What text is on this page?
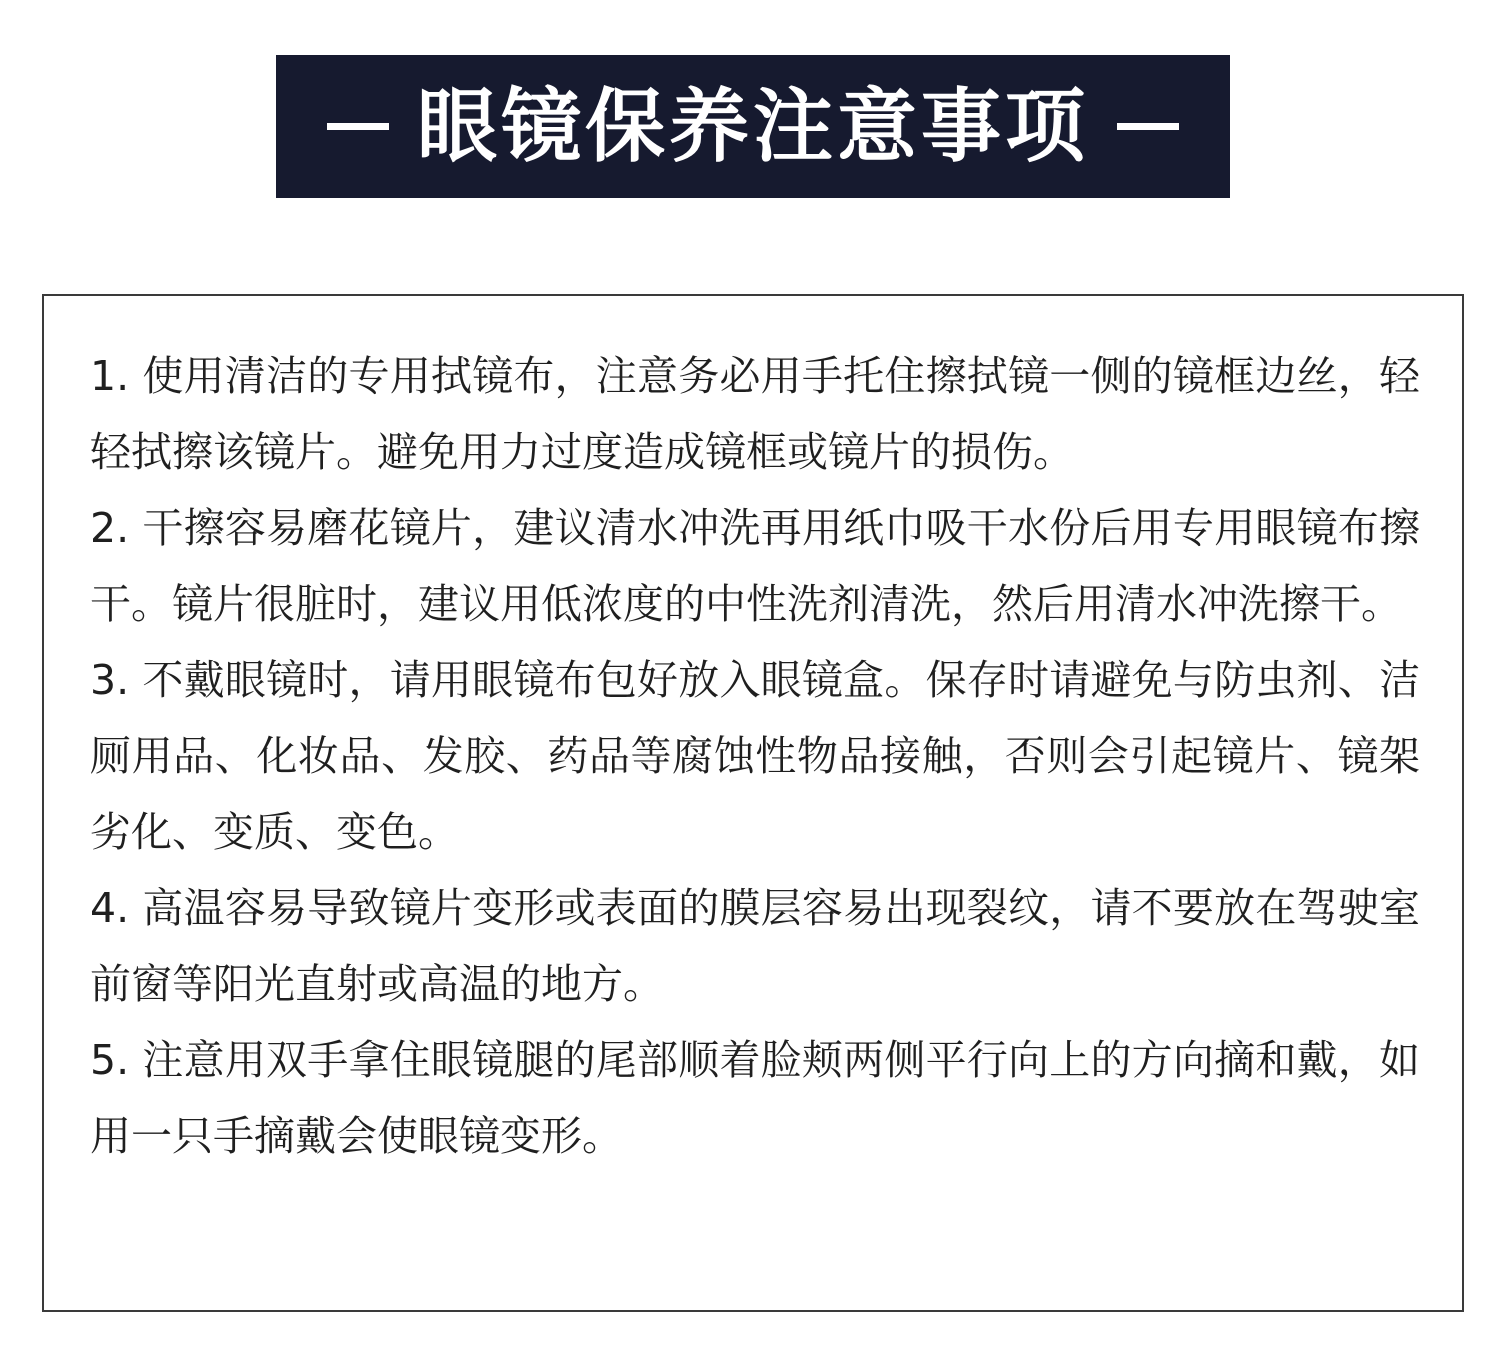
眼镜保养注意事项
1. 使用清洁的专用拭镜布，注意务必用手托住擦拭镜一侧的镜框边丝，轻轻拭擦该镜片。避免用力过度造成镜框或镜片的损伤。
2. 干擦容易磨花镜片，建议清水冲洗再用纸巾吸干水份后用专用眼镜布擦干。镜片很脏时，建议用低浓度的中性洗剂清洗，然后用清水冲洗擦干。
3. 不戴眼镜时，请用眼镜布包好放入眼镜盒。保存时请避免与防虫剂、洁厕用品、化妆品、发胶、药品等腐蚀性物品接触，否则会引起镜片、镜架劣化、变质、变色。
4. 高温容易导致镜片变形或表面的膜层容易出现裂纹，请不要放在驾驶室前窗等阳光直射或高温的地方。
5. 注意用双手拿住眼镜腿的尾部顺着脸颊两侧平行向上的方向摘和戴，如用一只手摘戴会使眼镜变形。
